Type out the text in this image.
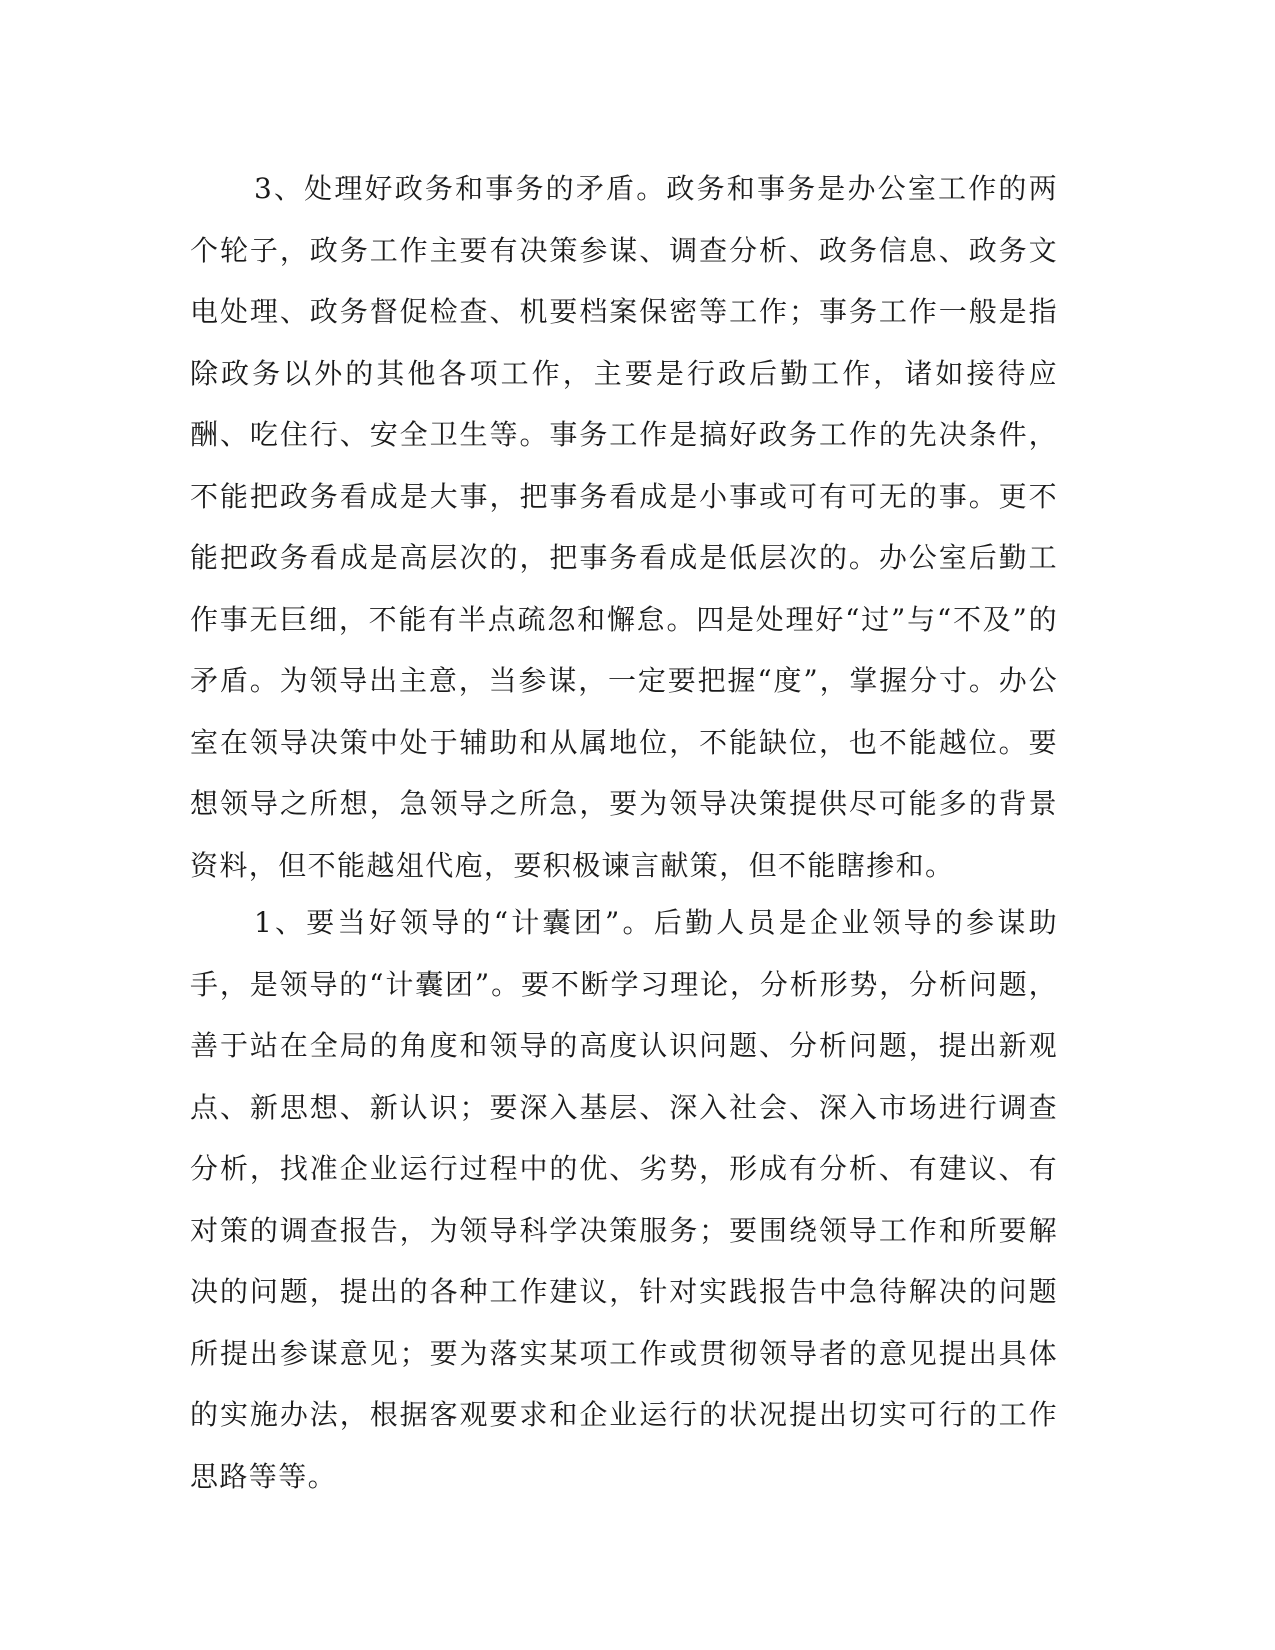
3、处理好政务和事务的矛盾。政务和事务是办公室工作的两个轮子，政务工作主要有决策参谋、调查分析、政务信息、政务文电处理、政务督促检查、机要档案保密等工作；事务工作一般是指除政务以外的其他各项工作，主要是行政后勤工作，诸如接待应酬、吃住行、安全卫生等。事务工作是搞好政务工作的先决条件，不能把政务看成是大事，把事务看成是小事或可有可无的事。更不能把政务看成是高层次的，把事务看成是低层次的。办公室后勤工作事无巨细，不能有半点疏忽和懈怠。四是处理好“过”与“不及”的矛盾。为领导出主意，当参谋，一定要把握“度”，掌握分寸。办公室在领导决策中处于辅助和从属地位，不能缺位，也不能越位。要想领导之所想，急领导之所急，要为领导决策提供尽可能多的背景资料，但不能越俎代庖，要积极谏言献策，但不能瞎掺和。

1、要当好领导的“计囊团”。后勤人员是企业领导的参谋助手，是领导的“计囊团”。要不断学习理论，分析形势，分析问题，善于站在全局的角度和领导的高度认识问题、分析问题，提出新观点、新思想、新认识；要深入基层、深入社会、深入市场进行调查分析，找准企业运行过程中的优、劣势，形成有分析、有建议、有对策的调查报告，为领导科学决策服务；要围绕领导工作和所要解决的问题，提出的各种工作建议，针对实践报告中急待解决的问题所提出参谋意见；要为落实某项工作或贯彻领导者的意见提出具体的实施办法，根据客观要求和企业运行的状况提出切实可行的工作思路等等。
